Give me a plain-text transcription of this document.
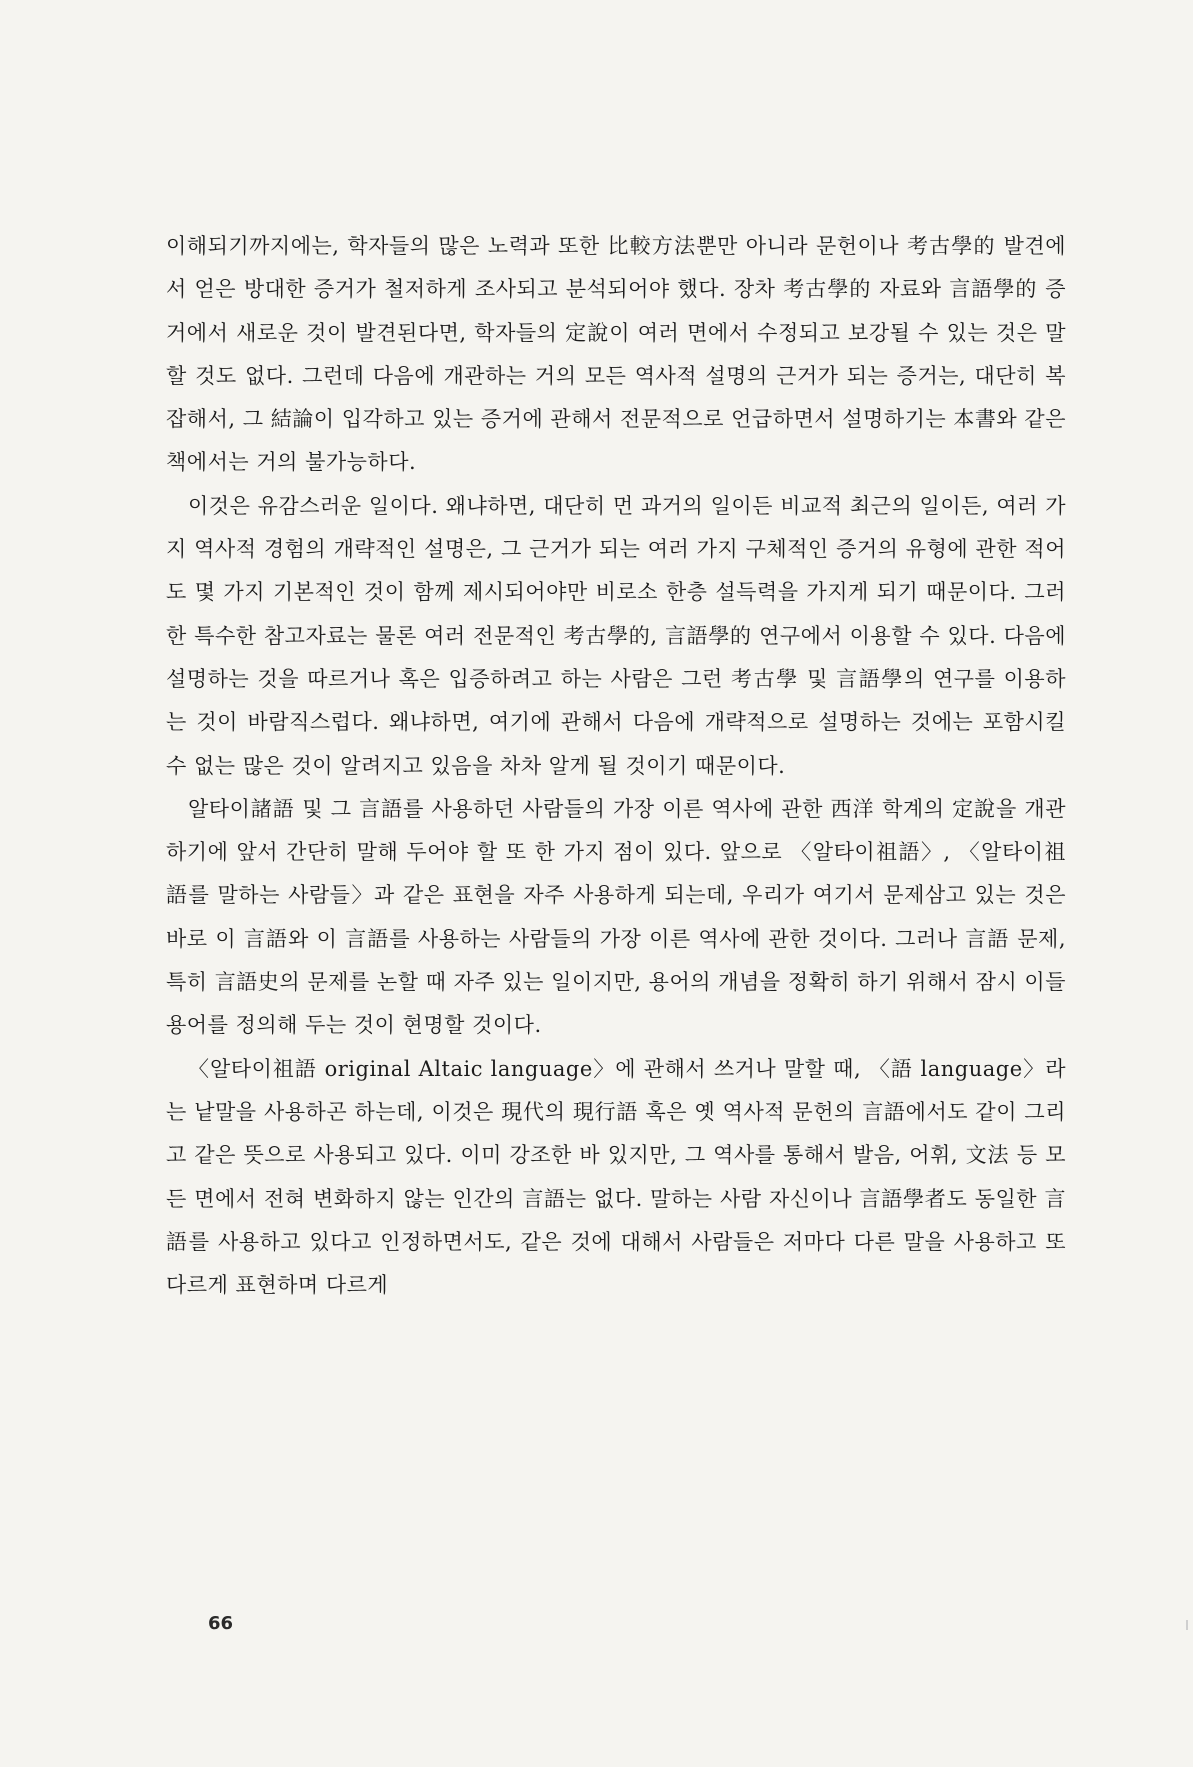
이해되기까지에는, 학자들의 많은 노력과 또한 比較方法뿐만 아니라 문헌이나 考古學的 발견에서 얻은 방대한 증거가 철저하게 조사되고 분석되어야 했다. 장차 考古學的 자료와 言語學的 증거에서 새로운 것이 발견된다면, 학자들의 定說이 여러 면에서 수정되고 보강될 수 있는 것은 말할 것도 없다. 그런데 다음에 개관하는 거의 모든 역사적 설명의 근거가 되는 증거는, 대단히 복잡해서, 그 結論이 입각하고 있는 증거에 관해서 전문적으로 언급하면서 설명하기는 本書와 같은 책에서는 거의 불가능하다.

이것은 유감스러운 일이다. 왜냐하면, 대단히 먼 과거의 일이든 비교적 최근의 일이든, 여러 가지 역사적 경험의 개략적인 설명은, 그 근거가 되는 여러 가지 구체적인 증거의 유형에 관한 적어도 몇 가지 기본적인 것이 함께 제시되어야만 비로소 한층 설득력을 가지게 되기 때문이다. 그러한 특수한 참고자료는 물론 여러 전문적인 考古學的, 言語學的 연구에서 이용할 수 있다. 다음에 설명하는 것을 따르거나 혹은 입증하려고 하는 사람은 그런 考古學 및 言語學의 연구를 이용하는 것이 바람직스럽다. 왜냐하면, 여기에 관해서 다음에 개략적으로 설명하는 것에는 포함시킬 수 없는 많은 것이 알려지고 있음을 차차 알게 될 것이기 때문이다.

알타이諸語 및 그 言語를 사용하던 사람들의 가장 이른 역사에 관한 西洋 학계의 定說을 개관하기에 앞서 간단히 말해 두어야 할 또 한 가지 점이 있다. 앞으로 〈알타이祖語〉, 〈알타이祖語를 말하는 사람들〉과 같은 표현을 자주 사용하게 되는데, 우리가 여기서 문제삼고 있는 것은 바로 이 言語와 이 言語를 사용하는 사람들의 가장 이른 역사에 관한 것이다. 그러나 言語 문제, 특히 言語史의 문제를 논할 때 자주 있는 일이지만, 용어의 개념을 정확히 하기 위해서 잠시 이들 용어를 정의해 두는 것이 현명할 것이다.

〈알타이祖語 original Altaic language〉에 관해서 쓰거나 말할 때, 〈語 language〉라는 낱말을 사용하곤 하는데, 이것은 現代의 現行語 혹은 옛 역사적 문헌의 言語에서도 같이 그리고 같은 뜻으로 사용되고 있다. 이미 강조한 바 있지만, 그 역사를 통해서 발음, 어휘, 文法 등 모든 면에서 전혀 변화하지 않는 인간의 言語는 없다. 말하는 사람 자신이나 言語學者도 동일한 言語를 사용하고 있다고 인정하면서도, 같은 것에 대해서 사람들은 저마다 다른 말을 사용하고 또 다르게 표현하며 다르게

66
